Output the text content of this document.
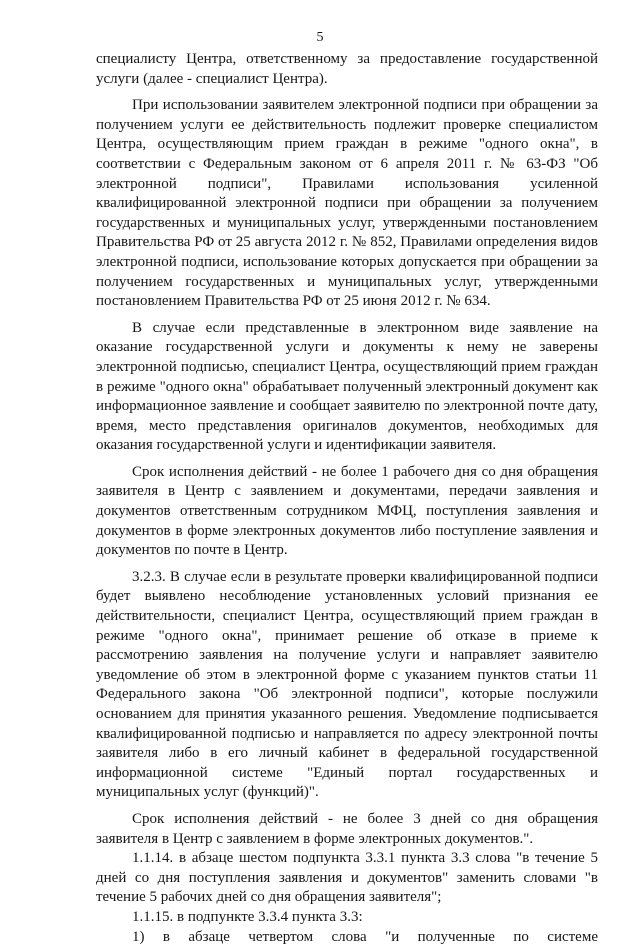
5

специалисту Центра, ответственному за предоставление государственной услуги (далее - специалист Центра).

При использовании заявителем электронной подписи при обращении за получением услуги ее действительность подлежит проверке специалистом Центра, осуществляющим прием граждан в режиме "одного окна", в соответствии с Федеральным законом от 6 апреля 2011 г. № 63-ФЗ "Об электронной подписи", Правилами использования усиленной квалифицированной электронной подписи при обращении за получением государственных и муниципальных услуг, утвержденными постановлением Правительства РФ от 25 августа 2012 г. № 852, Правилами определения видов электронной подписи, использование которых допускается при обращении за получением государственных и муниципальных услуг, утвержденными постановлением Правительства РФ от 25 июня 2012 г. № 634.

В случае если представленные в электронном виде заявление на оказание государственной услуги и документы к нему не заверены электронной подписью, специалист Центра, осуществляющий прием граждан в режиме "одного окна" обрабатывает полученный электронный документ как информационное заявление и сообщает заявителю по электронной почте дату, время, место представления оригиналов документов, необходимых для оказания государственной услуги и идентификации заявителя.

Срок исполнения действий - не более 1 рабочего дня со дня обращения заявителя в Центр с заявлением и документами, передачи заявления и документов ответственным сотрудником МФЦ, поступления заявления и документов в форме электронных документов либо поступление заявления и документов по почте в Центр.

3.2.3. В случае если в результате проверки квалифицированной подписи будет выявлено несоблюдение установленных условий признания ее действительности, специалист Центра, осуществляющий прием граждан в режиме "одного окна", принимает решение об отказе в приеме к рассмотрению заявления на получение услуги и направляет заявителю уведомление об этом в электронной форме с указанием пунктов статьи 11 Федерального закона "Об электронной подписи", которые послужили основанием для принятия указанного решения. Уведомление подписывается квалифицированной подписью и направляется по адресу электронной почты заявителя либо в его личный кабинет в федеральной государственной информационной системе "Единый портал государственных и муниципальных услуг (функций)".

Срок исполнения действий - не более 3 дней со дня обращения заявителя в Центр с заявлением в форме электронных документов.".

1.1.14. в абзаце шестом подпункта 3.3.1 пункта 3.3 слова "в течение 5 дней со дня поступления заявления и документов" заменить словами "в течение 5 рабочих дней со дня обращения заявителя";

1.1.15. в подпункте 3.3.4 пункта 3.3:

1) в абзаце четвертом слова "и полученные по системе
